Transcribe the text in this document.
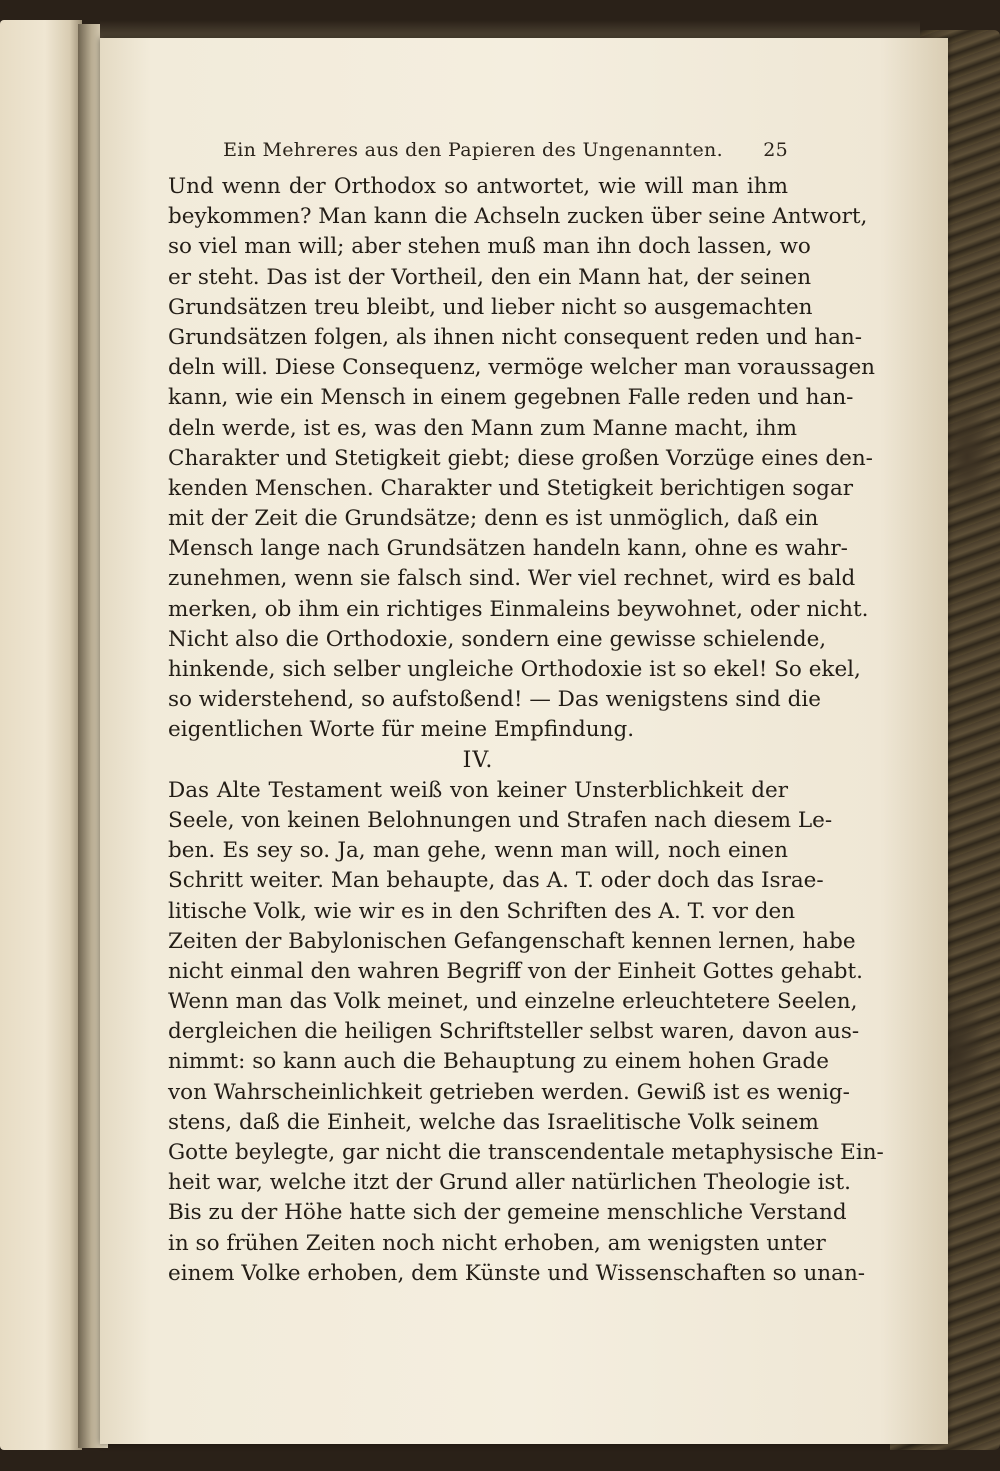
Ein Mehreres aus den Papieren des Ungenannten.	25
Und wenn der Orthodox so antwortet, wie will man ihm
beykommen? Man kann die Achseln zucken über seine Antwort,
so viel man will; aber stehen muß man ihn doch lassen, wo
er steht. Das ist der Vortheil, den ein Mann hat, der seinen
Grundsätzen treu bleibt, und lieber nicht so ausgemachten
Grundsätzen folgen, als ihnen nicht consequent reden und han-
deln will. Diese Consequenz, vermöge welcher man voraussagen
kann, wie ein Mensch in einem gegebnen Falle reden und han-
deln werde, ist es, was den Mann zum Manne macht, ihm
Charakter und Stetigkeit giebt; diese großen Vorzüge eines den-
kenden Menschen. Charakter und Stetigkeit berichtigen sogar
mit der Zeit die Grundsätze; denn es ist unmöglich, daß ein
Mensch lange nach Grundsätzen handeln kann, ohne es wahr-
zunehmen, wenn sie falsch sind. Wer viel rechnet, wird es bald
merken, ob ihm ein richtiges Einmaleins beywohnet, oder nicht.
Nicht also die Orthodoxie, sondern eine gewisse schielende,
hinkende, sich selber ungleiche Orthodoxie ist so ekel! So ekel,
so widerstehend, so aufstoßend! — Das wenigstens sind die
eigentlichen Worte für meine Empfindung.
IV.
Das Alte Testament weiß von keiner Unsterblichkeit der
Seele, von keinen Belohnungen und Strafen nach diesem Le-
ben. Es sey so. Ja, man gehe, wenn man will, noch einen
Schritt weiter. Man behaupte, das A. T. oder doch das Israe-
litische Volk, wie wir es in den Schriften des A. T. vor den
Zeiten der Babylonischen Gefangenschaft kennen lernen, habe
nicht einmal den wahren Begriff von der Einheit Gottes gehabt.
Wenn man das Volk meinet, und einzelne erleuchtetere Seelen,
dergleichen die heiligen Schriftsteller selbst waren, davon aus-
nimmt: so kann auch die Behauptung zu einem hohen Grade
von Wahrscheinlichkeit getrieben werden. Gewiß ist es wenig-
stens, daß die Einheit, welche das Israelitische Volk seinem
Gotte beylegte, gar nicht die transcendentale metaphysische Ein-
heit war, welche itzt der Grund aller natürlichen Theologie ist.
Bis zu der Höhe hatte sich der gemeine menschliche Verstand
in so frühen Zeiten noch nicht erhoben, am wenigsten unter
einem Volke erhoben, dem Künste und Wissenschaften so unan-
